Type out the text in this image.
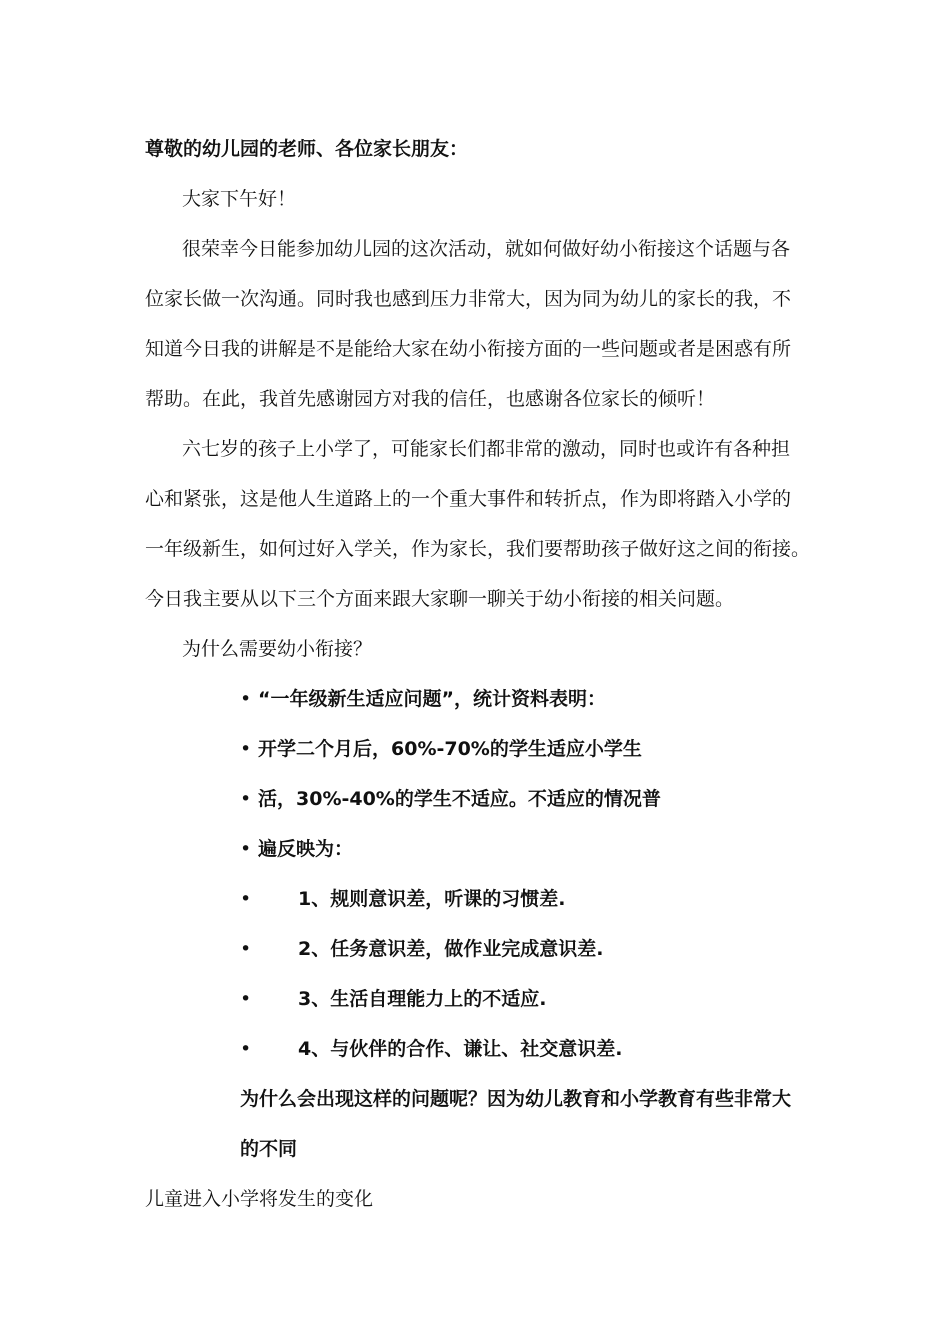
尊敬的幼儿园的老师、各位家长朋友：
大家下午好！
很荣幸今日能参加幼儿园的这次活动，就如何做好幼小衔接这个话题与各
位家长做一次沟通。同时我也感到压力非常大，因为同为幼儿的家长的我，不
知道今日我的讲解是不是能给大家在幼小衔接方面的一些问题或者是困惑有所
帮助。在此，我首先感谢园方对我的信任，也感谢各位家长的倾听！
六七岁的孩子上小学了，可能家长们都非常的激动，同时也或许有各种担
心和紧张，这是他人生道路上的一个重大事件和转折点，作为即将踏入小学的
一年级新生，如何过好入学关，作为家长，我们要帮助孩子做好这之间的衔接。
今日我主要从以下三个方面来跟大家聊一聊关于幼小衔接的相关问题。
为什么需要幼小衔接？
• “一年级新生适应问题”，统计资料表明：
• 开学二个月后，60%-70%的学生适应小学生
• 活，30%-40%的学生不适应。不适应的情况普
• 遍反映为：
• 1、规则意识差，听课的习惯差.
• 2、任务意识差，做作业完成意识差.
• 3、生活自理能力上的不适应.
• 4、与伙伴的合作、谦让、社交意识差.
为什么会出现这样的问题呢？因为幼儿教育和小学教育有些非常大
的不同
儿童进入小学将发生的变化
